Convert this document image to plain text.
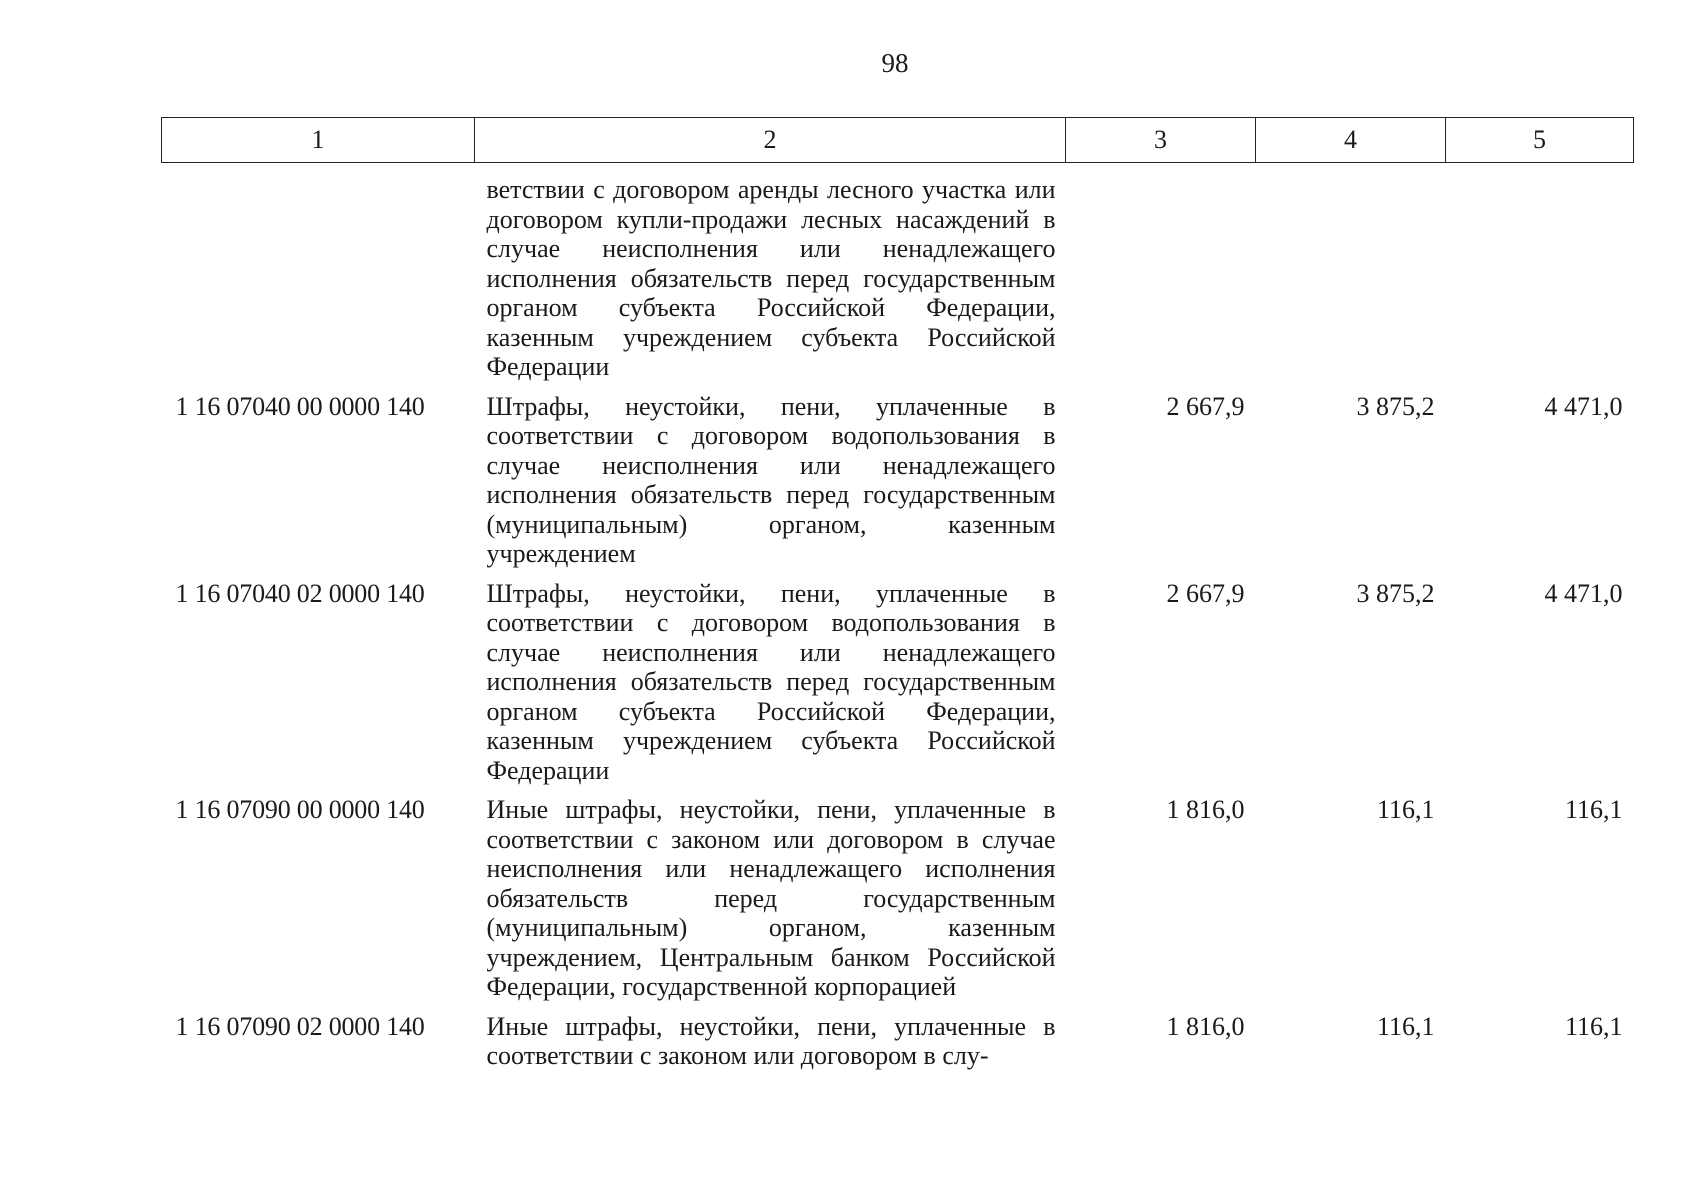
98
1	2	3	4	5
	ветствии с договором аренды лесного участка или договором купли-продажи лесных насаждений в случае неисполнения или ненадлежащего исполнения обязательств перед государственным органом субъекта Российской Федерации, казенным учреждением субъекта Российской Федерации			
1 16 07040 00 0000 140	Штрафы, неустойки, пени, уплаченные в соответствии с договором водопользования в случае неисполнения или ненадлежащего исполнения обязательств перед государственным (муниципальным) органом, казенным учреждением	2 667,9	3 875,2	4 471,0
1 16 07040 02 0000 140	Штрафы, неустойки, пени, уплаченные в соответствии с договором водопользования в случае неисполнения или ненадлежащего исполнения обязательств перед государственным органом субъекта Российской Федерации, казенным учреждением субъекта Российской Федерации	2 667,9	3 875,2	4 471,0
1 16 07090 00 0000 140	Иные штрафы, неустойки, пени, уплаченные в соответствии с законом или договором в случае неисполнения или ненадлежащего исполнения обязательств перед государственным (муниципальным) органом, казенным учреждением, Центральным банком Российской Федерации, государственной корпорацией	1 816,0	116,1	116,1
1 16 07090 02 0000 140	Иные штрафы, неустойки, пени, уплаченные в соответствии с законом или договором в слу-	1 816,0	116,1	116,1
